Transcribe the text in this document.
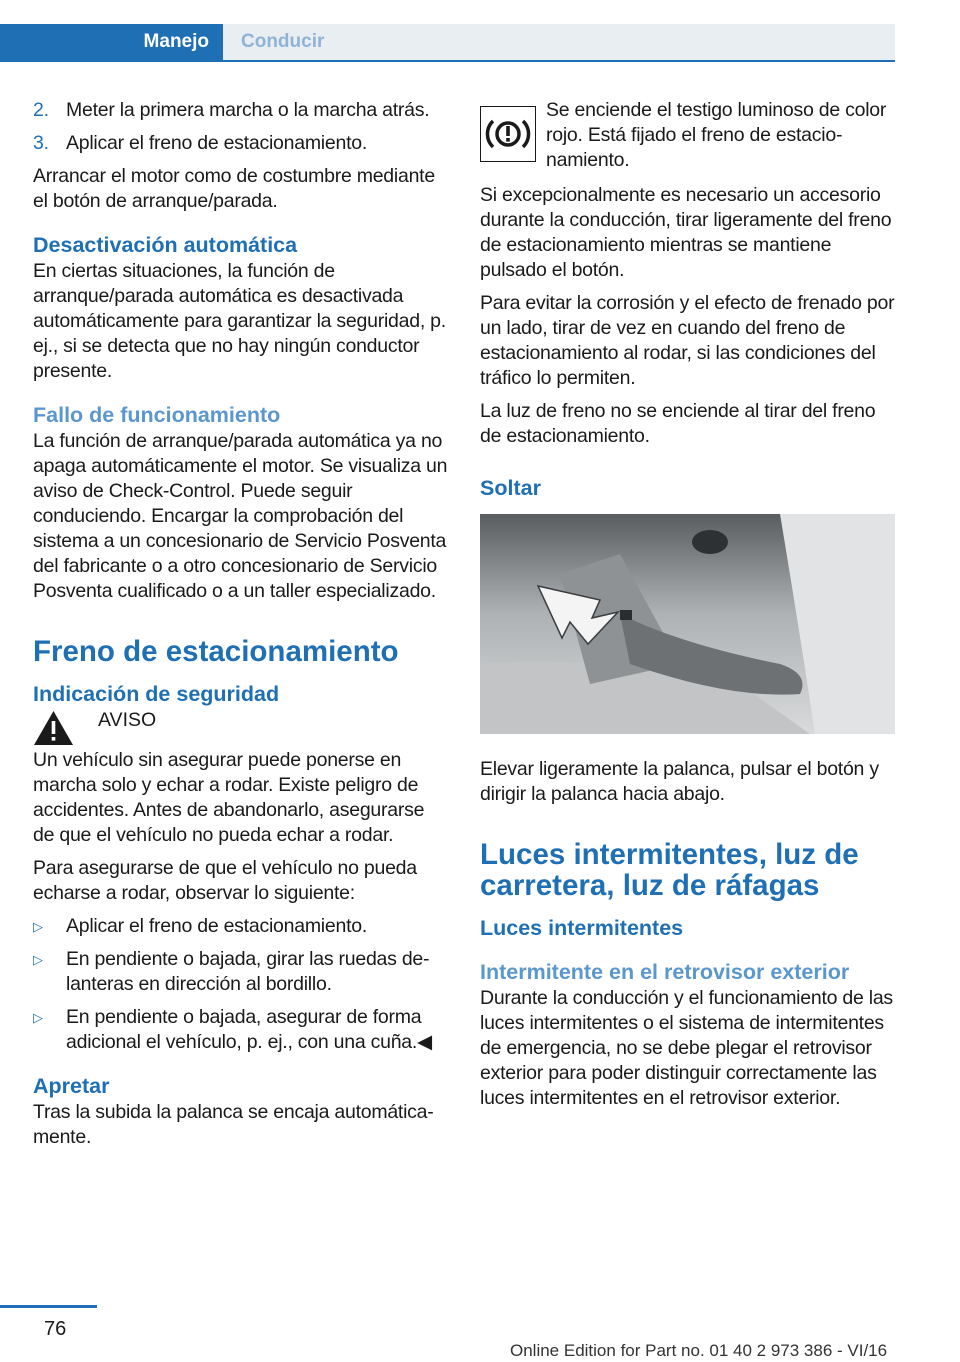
Manejo	Conducir
2. Meter la primera marcha o la marcha atrás.
3. Aplicar el freno de estacionamiento.

Arrancar el motor como de costumbre mediante el botón de arranque/parada.

Desactivación automática

En ciertas situaciones, la función de arranque/parada automática es desactivada automáticamente para garantizar la seguridad, p. ej., si se detecta que no hay ningún conductor presente.

Fallo de funcionamiento

La función de arranque/parada automática ya no apaga automáticamente el motor. Se visualiza un aviso de Check-Control. Puede seguir conduciendo. Encargar la comprobación del sistema a un concesionario de Servicio Posventa del fabricante o a otro concesionario de Servicio Posventa cualificado o a un taller especializado.

Freno de estacionamiento
Indicación de seguridad
AVISO

Un vehículo sin asegurar puede ponerse en marcha solo y echar a rodar. Existe peligro de accidentes. Antes de abandonarlo, asegurarse de que el vehículo no pueda echar a rodar.

Para asegurarse de que el vehículo no pueda echarse a rodar, observar lo siguiente:

▷	Aplicar el freno de estacionamiento.
▷	En pendiente o bajada, girar las ruedas delanteras en dirección al bordillo.
▷	En pendiente o bajada, asegurar de forma adicional el vehículo, p. ej., con una cuña.◀
Apretar

Tras la subida la palanca se encaja automáticamente.

Se enciende el testigo luminoso de color rojo. Está fijado el freno de estacionamiento.

Si excepcionalmente es necesario un accesorio durante la conducción, tirar ligeramente del freno de estacionamiento mientras se mantiene pulsado el botón.

Para evitar la corrosión y el efecto de frenado por un lado, tirar de vez en cuando del freno de estacionamiento al rodar, si las condiciones del tráfico lo permiten.

La luz de freno no se enciende al tirar del freno de estacionamiento.

Soltar

Elevar ligeramente la palanca, pulsar el botón y dirigir la palanca hacia abajo.

Luces intermitentes, luz de carretera, luz de ráfagas
Luces intermitentes
Intermitente en el retrovisor exterior

Durante la conducción y el funcionamiento de las luces intermitentes o el sistema de intermitentes de emergencia, no se debe plegar el retrovisor exterior para poder distinguir correctamente las luces intermitentes en el retrovisor exterior.

76
Online Edition for Part no. 01 40 2 973 386 - VI/16
